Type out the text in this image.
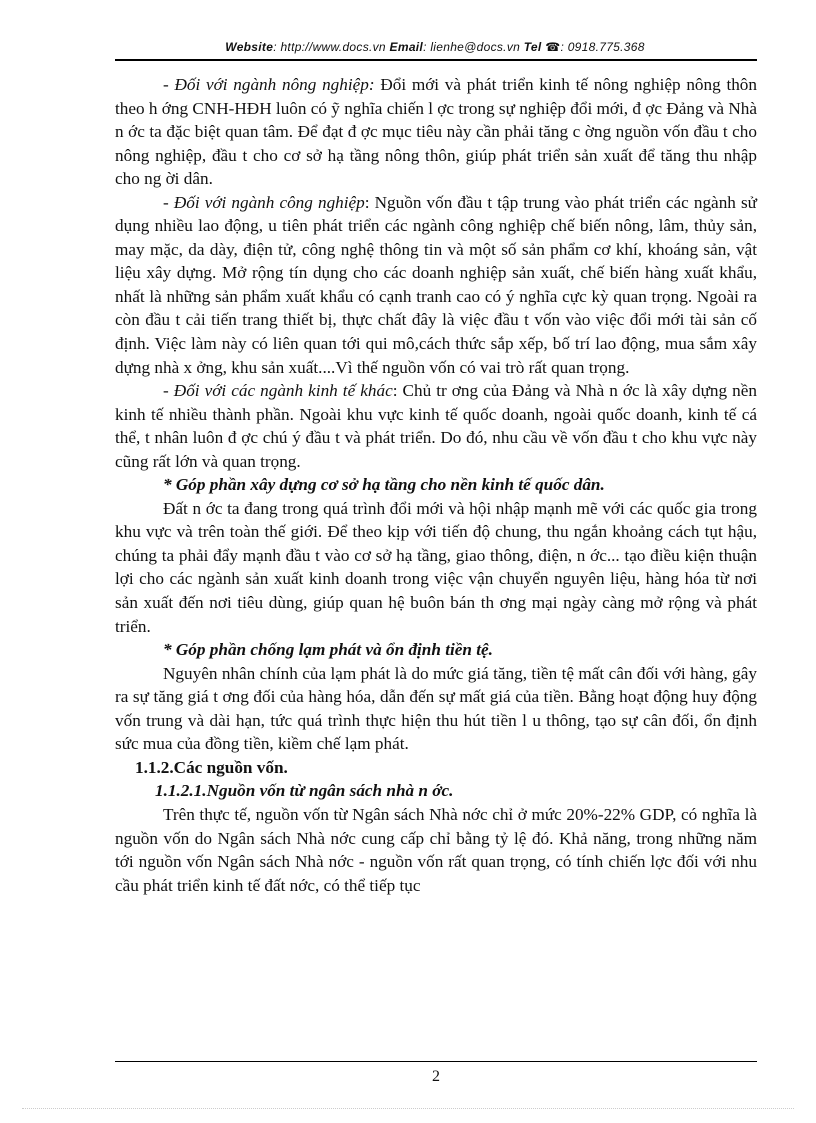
Website: http://www.docs.vn Email: lienhe@docs.vn Tel ☎: 0918.775.368

- Đối với ngành nông nghiệp: Đổi mới và phát triển kinh tế nông nghiệp nông thôn theo h ớng CNH-HĐH luôn có ỹ nghĩa chiến l ợc trong sự nghiệp đổi mới, đ ợc Đảng và Nhà n ớc ta đặc biệt quan tâm. Để đạt đ ợc mục tiêu này cần phải tăng c ờng nguồn vốn đầu t cho nông nghiệp, đầu t cho cơ sở hạ tầng nông thôn, giúp phát triển sản xuất để tăng thu nhập cho ng ời dân.

- Đối với ngành công nghiệp: Nguồn vốn đầu t tập trung vào phát triển các ngành sử dụng nhiều lao động, u tiên phát triển các ngành công nghiệp chế biến nông, lâm, thủy sản, may mặc, da dày, điện tử, công nghệ thông tin và một số sản phẩm cơ khí, khoáng sản, vật liệu xây dựng. Mở rộng tín dụng cho các doanh nghiệp sản xuất, chế biến hàng xuất khẩu, nhất là những sản phẩm xuất khẩu có cạnh tranh cao có ý nghĩa cực kỳ quan trọng. Ngoài ra còn đầu t cải tiến trang thiết bị, thực chất đây là việc đầu t vốn vào việc đổi mới tài sản cố định. Việc làm này có liên quan tới qui mô,cách thức sắp xếp, bố trí lao động, mua sắm xây dựng nhà x ởng, khu sản xuất....Vì thế nguồn vốn có vai trò rất quan trọng.

- Đối với các ngành kinh tế khác: Chủ tr ơng của Đảng và Nhà n ớc là xây dựng nền kinh tế nhiều thành phần. Ngoài khu vực kinh tế quốc doanh, ngoài quốc doanh, kinh tế cá thể, t nhân luôn đ ợc chú ý đầu t và phát triển. Do đó, nhu cầu về vốn đầu t cho khu vực này cũng rất lớn và quan trọng.

* Góp phần xây dựng cơ sở hạ tầng cho nền kinh tế quốc dân.

Đất n ớc ta đang trong quá trình đổi mới và hội nhập mạnh mẽ với các quốc gia trong khu vực và trên toàn thế giới. Để theo kịp với tiến độ chung, thu ngắn khoảng cách tụt hậu, chúng ta phải đẩy mạnh đầu t vào cơ sở hạ tầng, giao thông, điện, n ớc... tạo điều kiện thuận lợi cho các ngành sản xuất kinh doanh trong việc vận chuyển nguyên liệu, hàng hóa từ nơi sản xuất đến nơi tiêu dùng, giúp quan hệ buôn bán th ơng mại ngày càng mở rộng và phát triển.

* Góp phần chống lạm phát và ổn định tiền tệ.

Nguyên nhân chính của lạm phát là do mức giá tăng, tiền tệ mất cân đối với hàng, gây ra sự tăng giá t ơng đối của hàng hóa, dẫn đến sự mất giá của tiền. Bằng hoạt động huy động vốn trung và dài hạn, tức quá trình thực hiện thu hút tiền l u thông, tạo sự cân đối, ổn định sức mua của đồng tiền, kiềm chế lạm phát.

1.1.2.Các nguồn vốn.

1.1.2.1.Nguồn vốn từ ngân sách nhà n ớc.

Trên thực tế, nguồn vốn từ Ngân sách Nhà nớc chỉ ở mức 20%-22% GDP, có nghĩa là nguồn vốn do Ngân sách Nhà nớc cung cấp chỉ bằng tỷ lệ đó. Khả năng, trong những năm tới nguồn vốn Ngân sách Nhà nớc - nguồn vốn rất quan trọng, có tính chiến lợc đối với nhu cầu phát triển kinh tế đất nớc, có thể tiếp tục

2
